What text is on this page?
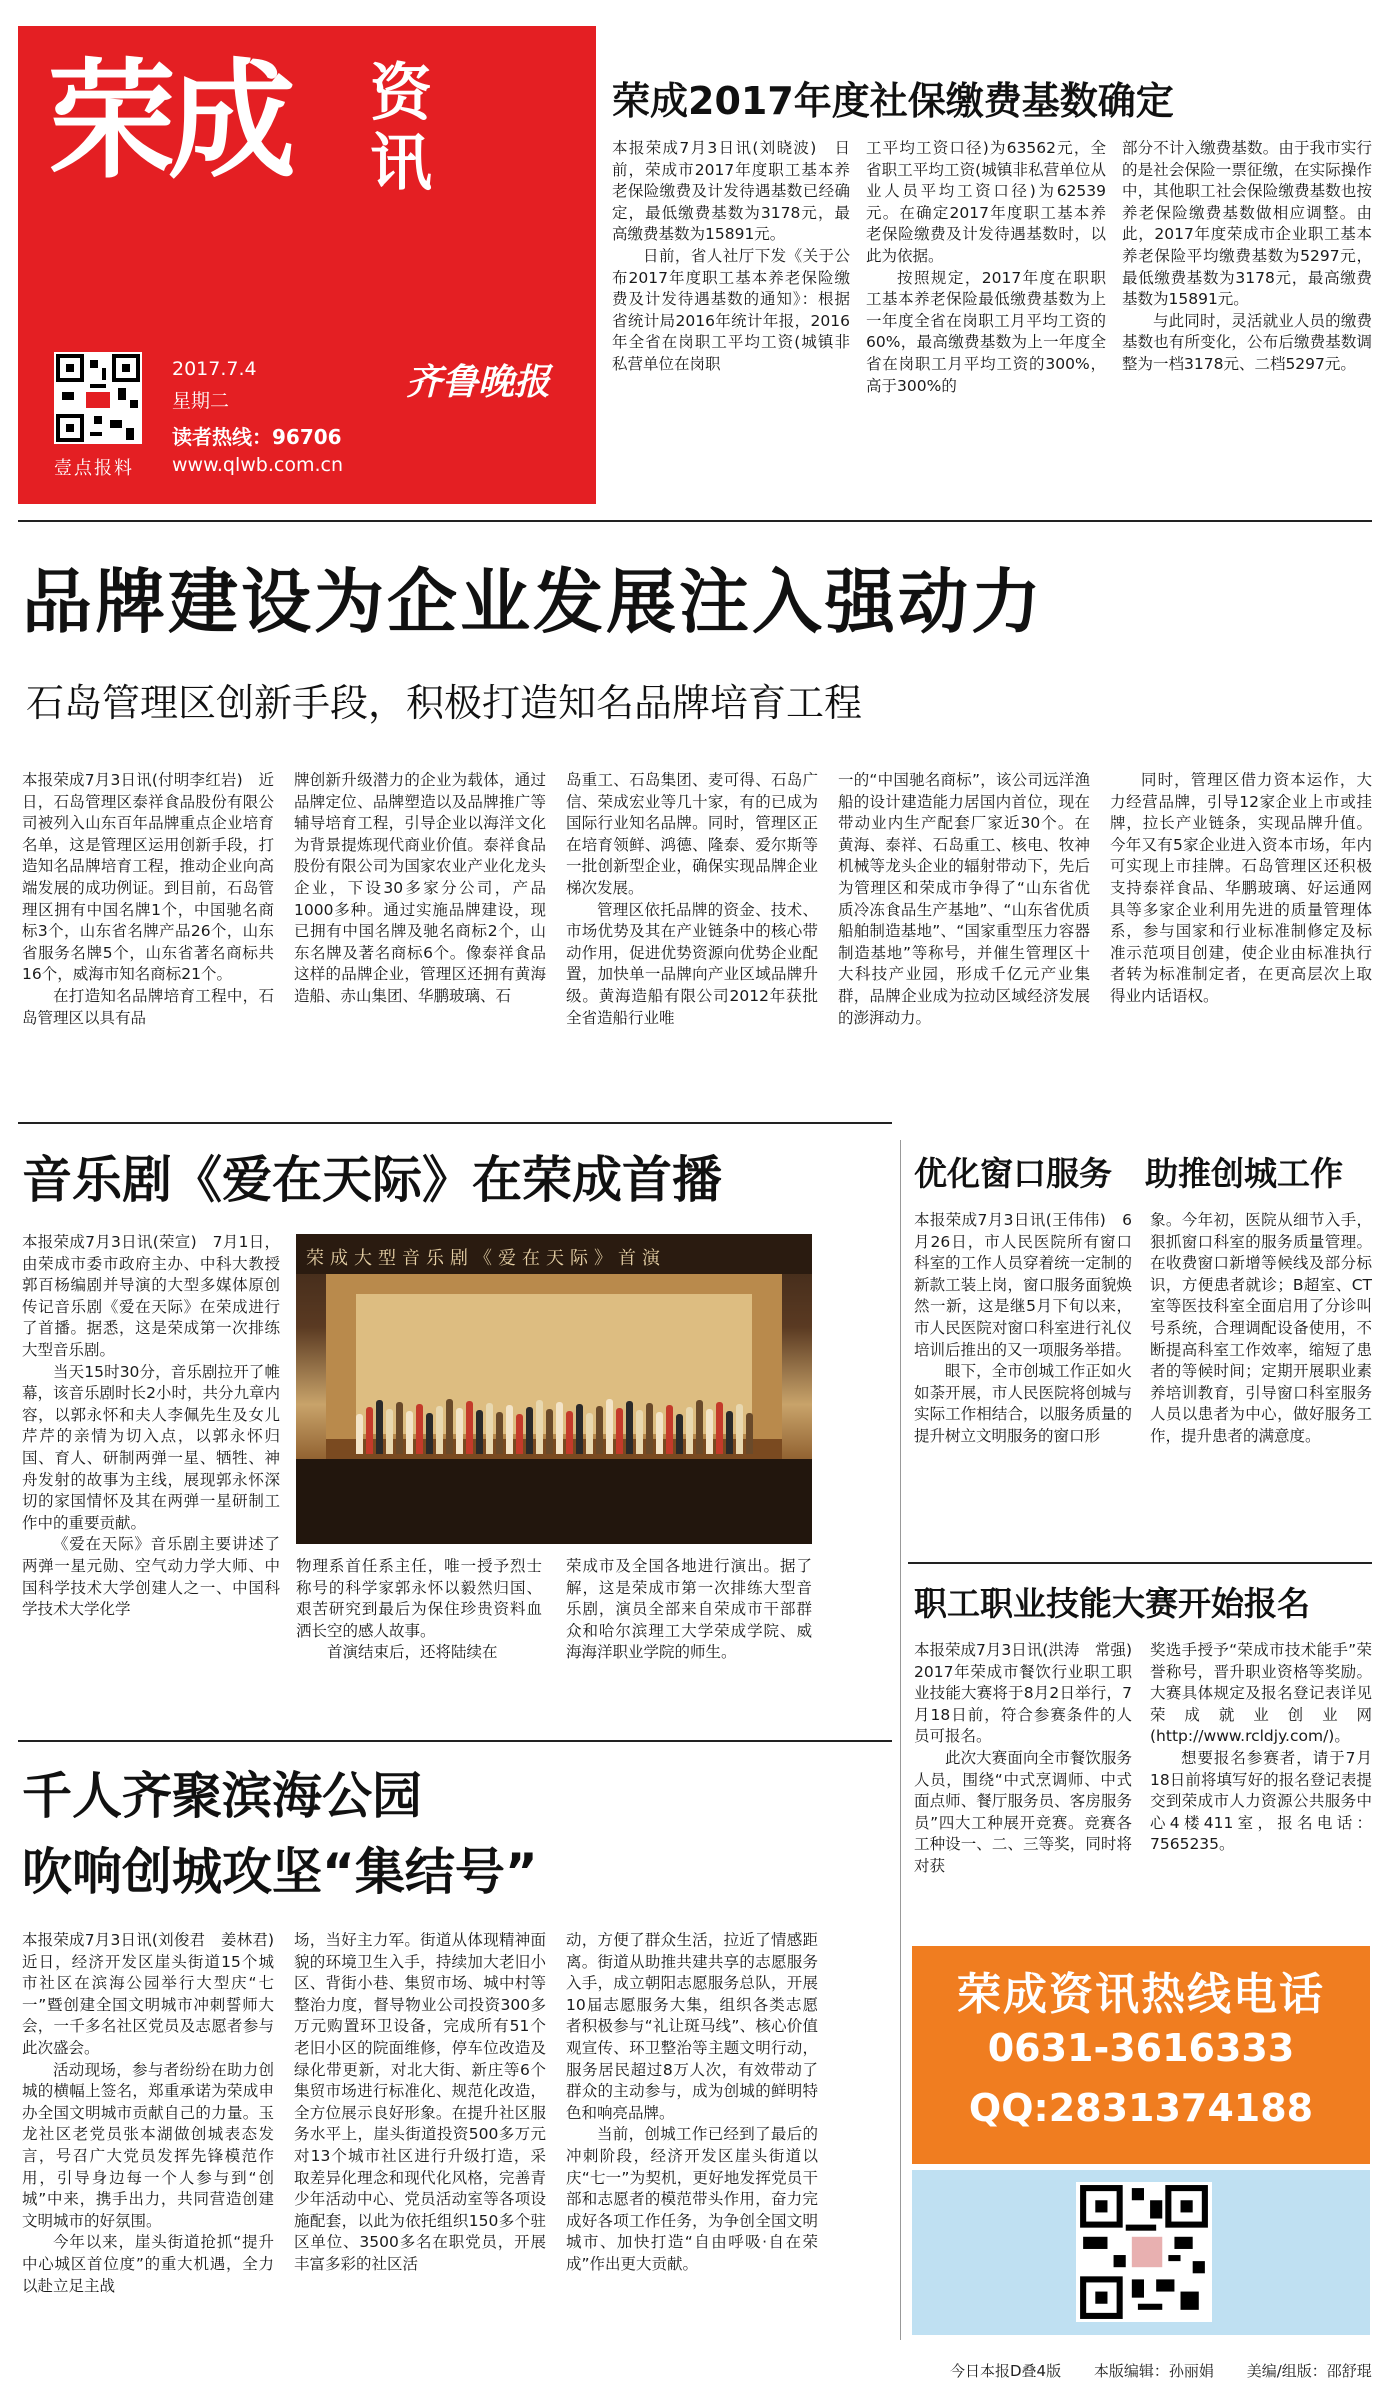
荣成 资讯
壹点报料
2017.7.4
星期二
读者热线：96706
www.qlwb.com.cn
齐鲁晚报
荣成2017年度社保缴费基数确定

本报荣成7月3日讯(刘晓波)　日前，荣成市2017年度职工基本养老保险缴费及计发待遇基数已经确定，最低缴费基数为3178元，最高缴费基数为15891元。

日前，省人社厅下发《关于公布2017年度职工基本养老保险缴费及计发待遇基数的通知》：根据省统计局2016年统计年报，2016年全省在岗职工平均工资(城镇非私营单位在岗职

工平均工资口径)为63562元，全省职工平均工资(城镇非私营单位从业人员平均工资口径)为62539元。在确定2017年度职工基本养老保险缴费及计发待遇基数时，以此为依据。

按照规定，2017年度在职职工基本养老保险最低缴费基数为上一年度全省在岗职工月平均工资的60%，最高缴费基数为上一年度全省在岗职工月平均工资的300%，高于300%的

部分不计入缴费基数。由于我市实行的是社会保险一票征缴，在实际操作中，其他职工社会保险缴费基数也按养老保险缴费基数做相应调整。由此，2017年度荣成市企业职工基本养老保险平均缴费基数为5297元，最低缴费基数为3178元，最高缴费基数为15891元。

与此同时，灵活就业人员的缴费基数也有所变化，公布后缴费基数调整为一档3178元、二档5297元。

品牌建设为企业发展注入强动力
石岛管理区创新手段，积极打造知名品牌培育工程

本报荣成7月3日讯(付明李红岩)　近日，石岛管理区泰祥食品股份有限公司被列入山东百年品牌重点企业培育名单，这是管理区运用创新手段，打造知名品牌培育工程，推动企业向高端发展的成功例证。到目前，石岛管理区拥有中国名牌1个，中国驰名商标3个，山东省名牌产品26个，山东省服务名牌5个，山东省著名商标共16个，威海市知名商标21个。

在打造知名品牌培育工程中，石岛管理区以具有品

牌创新升级潜力的企业为载体，通过品牌定位、品牌塑造以及品牌推广等辅导培育工程，引导企业以海洋文化为背景提炼现代商业价值。泰祥食品股份有限公司为国家农业产业化龙头企业，下设30多家分公司，产品1000多种。通过实施品牌建设，现已拥有中国名牌及驰名商标2个，山东名牌及著名商标6个。像泰祥食品这样的品牌企业，管理区还拥有黄海造船、赤山集团、华鹏玻璃、石

岛重工、石岛集团、麦可得、石岛广信、荣成宏业等几十家，有的已成为国际行业知名品牌。同时，管理区正在培育领鲜、鸿德、隆泰、爱尔斯等一批创新型企业，确保实现品牌企业梯次发展。

管理区依托品牌的资金、技术、市场优势及其在产业链条中的核心带动作用，促进优势资源向优势企业配置，加快单一品牌向产业区域品牌升级。黄海造船有限公司2012年获批全省造船行业唯

一的“中国驰名商标”，该公司远洋渔船的设计建造能力居国内首位，现在带动业内生产配套厂家近30个。在黄海、泰祥、石岛重工、核电、牧神机械等龙头企业的辐射带动下，先后为管理区和荣成市争得了“山东省优质冷冻食品生产基地”、“山东省优质船舶制造基地”、“国家重型压力容器制造基地”等称号，并催生管理区十大科技产业园，形成千亿元产业集群，品牌企业成为拉动区域经济发展的澎湃动力。

同时，管理区借力资本运作，大力经营品牌，引导12家企业上市或挂牌，拉长产业链条，实现品牌升值。今年又有5家企业进入资本市场，年内可实现上市挂牌。石岛管理区还积极支持泰祥食品、华鹏玻璃、好运通网具等多家企业利用先进的质量管理体系，参与国家和行业标准制修定及标准示范项目创建，使企业由标准执行者转为标准制定者，在更高层次上取得业内话语权。

音乐剧《爱在天际》在荣成首播

本报荣成7月3日讯(荣宣)　7月1日，由荣成市委市政府主办、中科大教授郭百杨编剧并导演的大型多媒体原创传记音乐剧《爱在天际》在荣成进行了首播。据悉，这是荣成第一次排练大型音乐剧。

当天15时30分，音乐剧拉开了帷幕，该音乐剧时长2小时，共分九章内容，以郭永怀和夫人李佩先生及女儿芹芹的亲情为切入点，以郭永怀归国、育人、研制两弹一星、牺牲、神舟发射的故事为主线，展现郭永怀深切的家国情怀及其在两弹一星研制工作中的重要贡献。

《爱在天际》音乐剧主要讲述了两弹一星元勋、空气动力学大师、中国科学技术大学创建人之一、中国科学技术大学化学

荣成大型音乐剧《爱在天际》首演

物理系首任系主任，唯一授予烈士称号的科学家郭永怀以毅然归国、艰苦研究到最后为保住珍贵资料血洒长空的感人故事。

首演结束后，还将陆续在

荣成市及全国各地进行演出。据了解，这是荣成市第一次排练大型音乐剧，演员全部来自荣成市干部群众和哈尔滨理工大学荣成学院、威海海洋职业学院的师生。

优化窗口服务　助推创城工作

本报荣成7月3日讯(王伟伟)　6月26日，市人民医院所有窗口科室的工作人员穿着统一定制的新款工装上岗，窗口服务面貌焕然一新，这是继5月下旬以来，市人民医院对窗口科室进行礼仪培训后推出的又一项服务举措。

眼下，全市创城工作正如火如荼开展，市人民医院将创城与实际工作相结合，以服务质量的提升树立文明服务的窗口形

象。今年初，医院从细节入手，狠抓窗口科室的服务质量管理。在收费窗口新增等候线及部分标识，方便患者就诊；B超室、CT室等医技科室全面启用了分诊叫号系统，合理调配设备使用，不断提高科室工作效率，缩短了患者的等候时间；定期开展职业素养培训教育，引导窗口科室服务人员以患者为中心，做好服务工作，提升患者的满意度。

职工职业技能大赛开始报名

本报荣成7月3日讯(洪涛　常强)　2017年荣成市餐饮行业职工职业技能大赛将于8月2日举行，7月18日前，符合参赛条件的人员可报名。

此次大赛面向全市餐饮服务人员，围绕“中式烹调师、中式面点师、餐厅服务员、客房服务员”四大工种展开竞赛。竞赛各工种设一、二、三等奖，同时将对获

奖选手授予“荣成市技术能手”荣誉称号，晋升职业资格等奖励。大赛具体规定及报名登记表详见荣成就业创业网(http://www.rcldjy.com/)。

想要报名参赛者，请于7月18日前将填写好的报名登记表提交到荣成市人力资源公共服务中心4楼411室，报名电话：7565235。

千人齐聚滨海公园
吹响创城攻坚“集结号”

本报荣成7月3日讯(刘俊君　姜林君)　近日，经济开发区崖头街道15个城市社区在滨海公园举行大型庆“七一”暨创建全国文明城市冲刺誓师大会，一千多名社区党员及志愿者参与此次盛会。

活动现场，参与者纷纷在助力创城的横幅上签名，郑重承诺为荣成申办全国文明城市贡献自己的力量。玉龙社区老党员张本湖做创城表态发言，号召广大党员发挥先锋模范作用，引导身边每一个人参与到“创城”中来，携手出力，共同营造创建文明城市的好氛围。

今年以来，崖头街道抢抓“提升中心城区首位度”的重大机遇，全力以赴立足主战

场，当好主力军。街道从体现精神面貌的环境卫生入手，持续加大老旧小区、背街小巷、集贸市场、城中村等整治力度，督导物业公司投资300多万元购置环卫设备，完成所有51个老旧小区的院面维修，停车位改造及绿化带更新，对北大街、新庄等6个集贸市场进行标准化、规范化改造，全方位展示良好形象。在提升社区服务水平上，崖头街道投资500多万元对13个城市社区进行升级打造，采取差异化理念和现代化风格，完善青少年活动中心、党员活动室等各项设施配套，以此为依托组织150多个驻区单位、3500多名在职党员，开展丰富多彩的社区活

动，方便了群众生活，拉近了情感距离。街道从助推共建共享的志愿服务入手，成立朝阳志愿服务总队，开展10届志愿服务大集，组织各类志愿者积极参与“礼让斑马线”、核心价值观宣传、环卫整治等主题文明行动，服务居民超过8万人次，有效带动了群众的主动参与，成为创城的鲜明特色和响亮品牌。

当前，创城工作已经到了最后的冲刺阶段，经济开发区崖头街道以庆“七一”为契机，更好地发挥党员干部和志愿者的模范带头作用，奋力完成好各项工作任务，为争创全国文明城市、加快打造“自由呼吸·自在荣成”作出更大贡献。

荣成资讯热线电话
0631-3616333
QQ:2831374188
今日本报D叠4版 本版编辑：孙丽娟 美编/组版：邵舒琨
